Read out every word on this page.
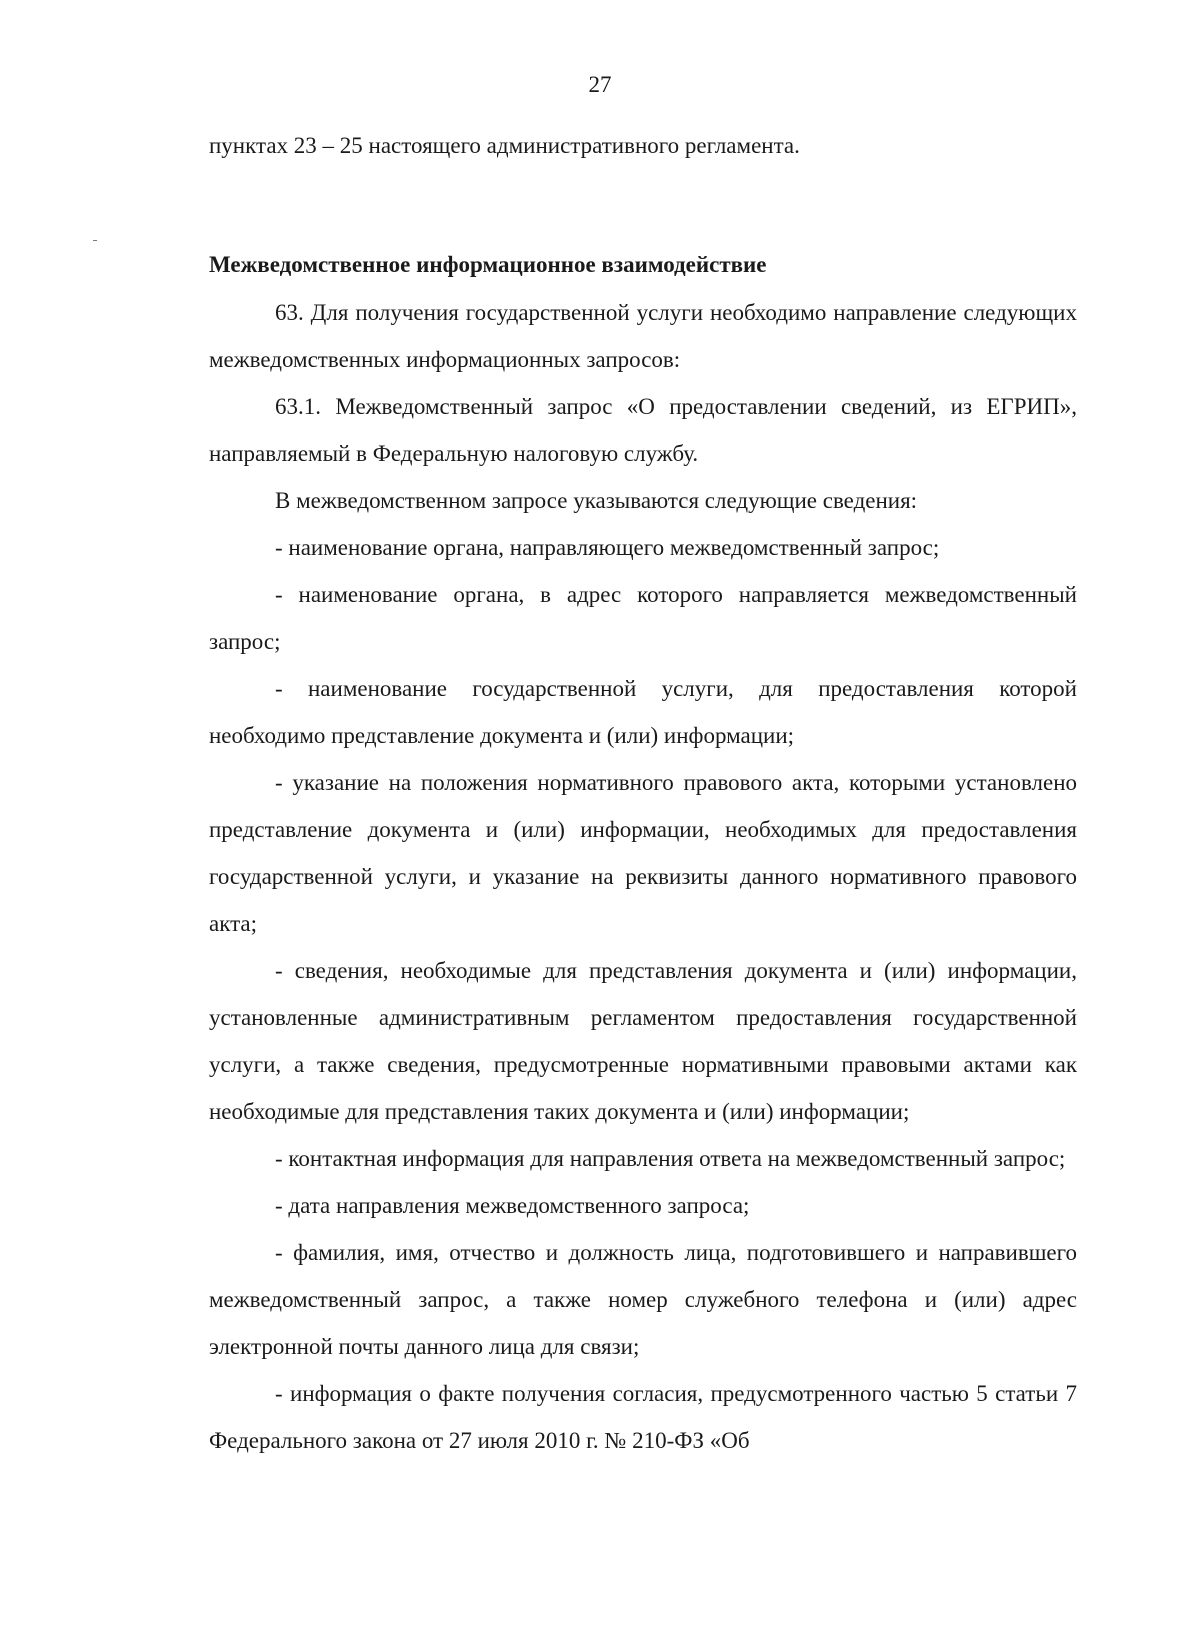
27

пунктах 23 – 25 настоящего административного регламента.

Межведомственное информационное взаимодействие

63. Для получения государственной услуги необходимо направление следующих межведомственных информационных запросов:

63.1. Межведомственный запрос «О предоставлении сведений, из ЕГРИП», направляемый в Федеральную налоговую службу.

В межведомственном запросе указываются следующие сведения:

- наименование органа, направляющего межведомственный запрос;

- наименование органа, в адрес которого направляется межведомственный запрос;

- наименование государственной услуги, для предоставления которой необходимо представление документа и (или) информации;

- указание на положения нормативного правового акта, которыми установлено представление документа и (или) информации, необходимых для предоставления государственной услуги, и указание на реквизиты данного нормативного правового акта;

- сведения, необходимые для представления документа и (или) информации, установленные административным регламентом предоставления государственной услуги, а также сведения, предусмотренные нормативными правовыми актами как необходимые для представления таких документа и (или) информации;

- контактная информация для направления ответа на межведомственный запрос;

- дата направления межведомственного запроса;

- фамилия, имя, отчество и должность лица, подготовившего и направившего межведомственный запрос, а также номер служебного телефона и (или) адрес электронной почты данного лица для связи;

- информация о факте получения согласия, предусмотренного частью 5 статьи 7 Федерального закона от 27 июля 2010 г. № 210-ФЗ «Об
